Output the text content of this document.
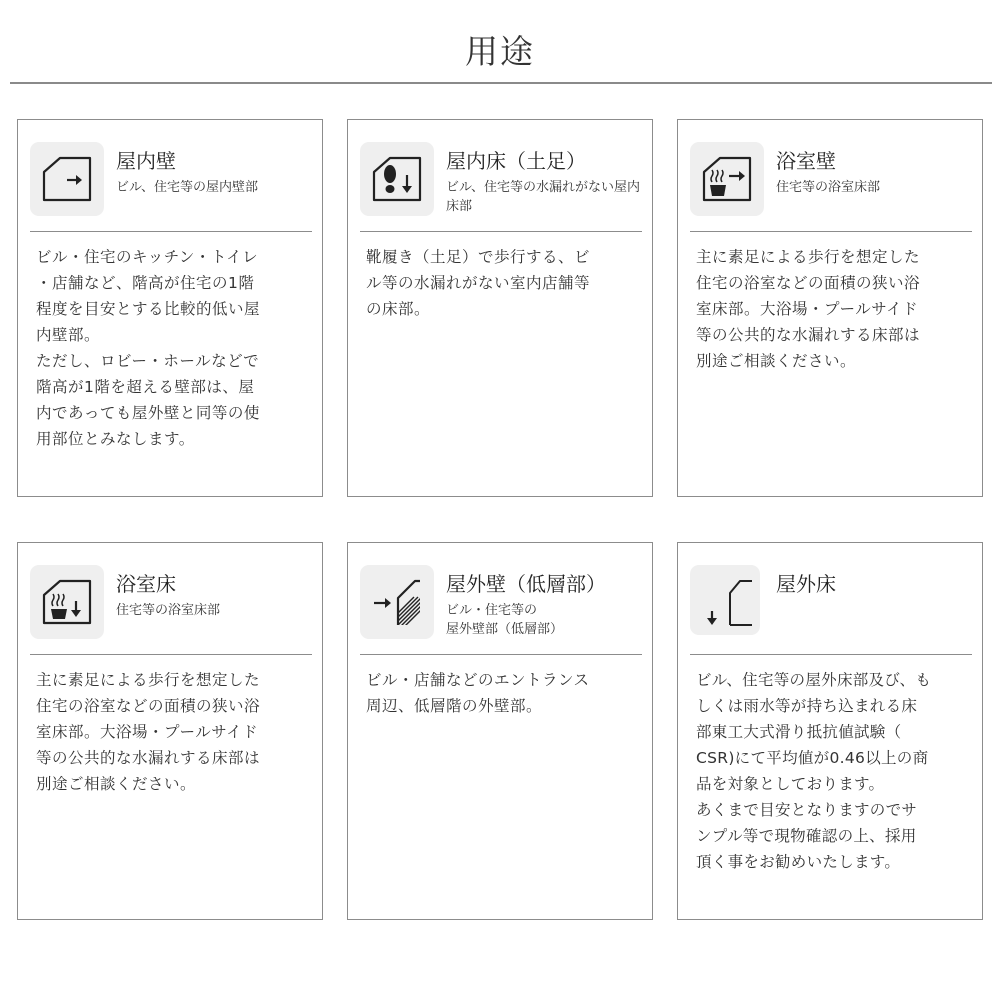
用途
屋内壁
ビル、住宅等の屋内壁部
ビル・住宅のキッチン・トイレ
・店舗など、階高が住宅の1階
程度を目安とする比較的低い屋
内壁部。
ただし、ロビー・ホールなどで
階高が1階を超える壁部は、屋
内であっても屋外壁と同等の使
用部位とみなします。
屋内床（土足）
ビル、住宅等の水漏れがない屋内床部
靴履き（土足）で歩行する、ビ
ル等の水漏れがない室内店舗等
の床部。
浴室壁
住宅等の浴室床部
主に素足による歩行を想定した
住宅の浴室などの面積の狭い浴
室床部。大浴場・プールサイド
等の公共的な水漏れする床部は
別途ご相談ください。
浴室床
住宅等の浴室床部
主に素足による歩行を想定した
住宅の浴室などの面積の狭い浴
室床部。大浴場・プールサイド
等の公共的な水漏れする床部は
別途ご相談ください。
屋外壁（低層部）
ビル・住宅等の
屋外壁部（低層部）
ビル・店舗などのエントランス
周辺、低層階の外壁部。
屋外床
ビル、住宅等の屋外床部及び、も
しくは雨水等が持ち込まれる床
部東工大式滑り抵抗値試験（
CSR)にて平均値が0.46以上の商
品を対象としております。
あくまで目安となりますのでサ
ンプル等で現物確認の上、採用
頂く事をお勧めいたします。
